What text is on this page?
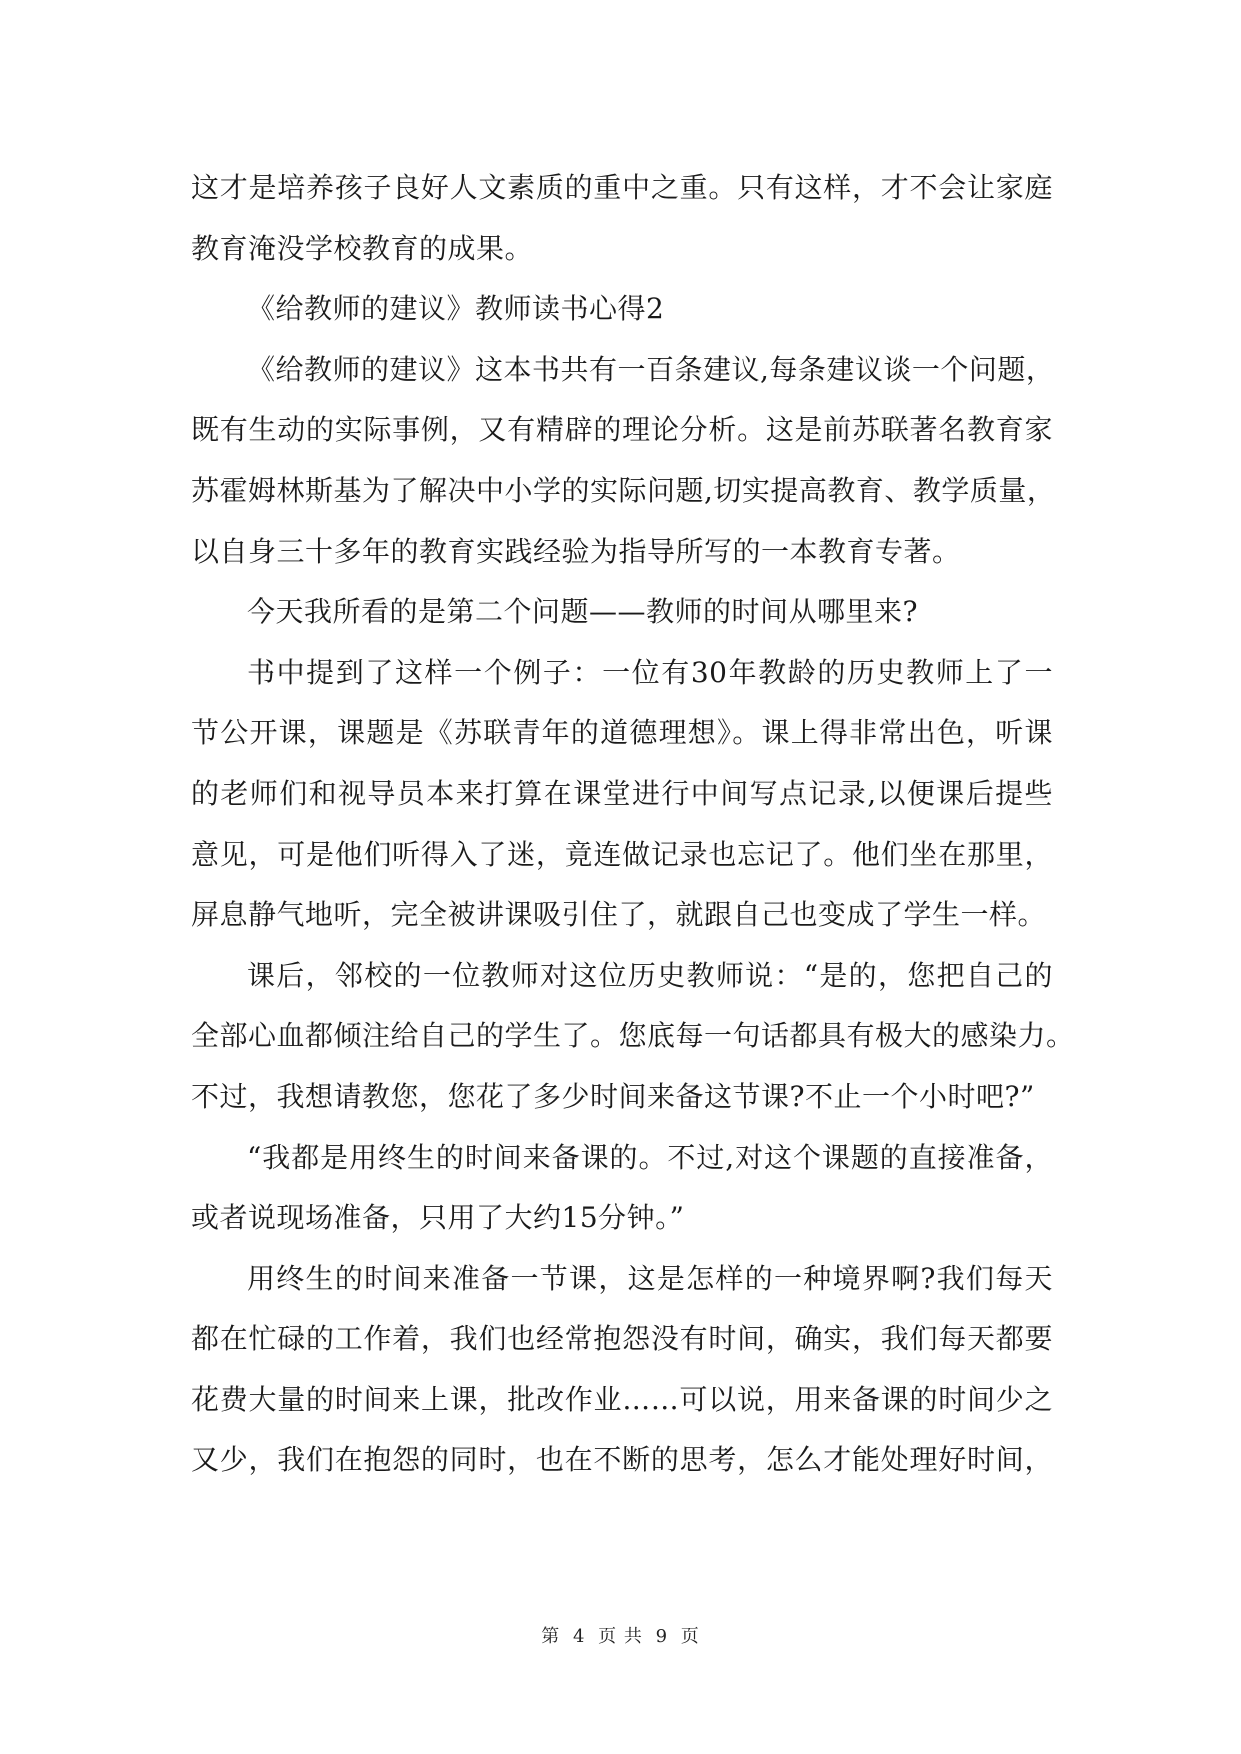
这才是培养孩子良好人文素质的重中之重。只有这样，才不会让家庭
教育淹没学校教育的成果。
《给教师的建议》教师读书心得2
《给教师的建议》这本书共有一百条建议,每条建议谈一个问题，
既有生动的实际事例，又有精辟的理论分析。这是前苏联著名教育家
苏霍姆林斯基为了解决中小学的实际问题,切实提高教育、教学质量，
以自身三十多年的教育实践经验为指导所写的一本教育专著。
今天我所看的是第二个问题——教师的时间从哪里来?
书中提到了这样一个例子：一位有30年教龄的历史教师上了一
节公开课，课题是《苏联青年的道德理想》。课上得非常出色，听课
的老师们和视导员本来打算在课堂进行中间写点记录,以便课后提些
意见，可是他们听得入了迷，竟连做记录也忘记了。他们坐在那里，
屏息静气地听，完全被讲课吸引住了，就跟自己也变成了学生一样。
课后，邻校的一位教师对这位历史教师说：“是的，您把自己的
全部心血都倾注给自己的学生了。您底每一句话都具有极大的感染力。
不过，我想请教您，您花了多少时间来备这节课?不止一个小时吧?”
“我都是用终生的时间来备课的。不过,对这个课题的直接准备，
或者说现场准备，只用了大约15分钟。”
用终生的时间来准备一节课，这是怎样的一种境界啊?我们每天
都在忙碌的工作着，我们也经常抱怨没有时间，确实，我们每天都要
花费大量的时间来上课，批改作业……可以说，用来备课的时间少之
又少，我们在抱怨的同时，也在不断的思考，怎么才能处理好时间，
第 4 页 共 9 页
